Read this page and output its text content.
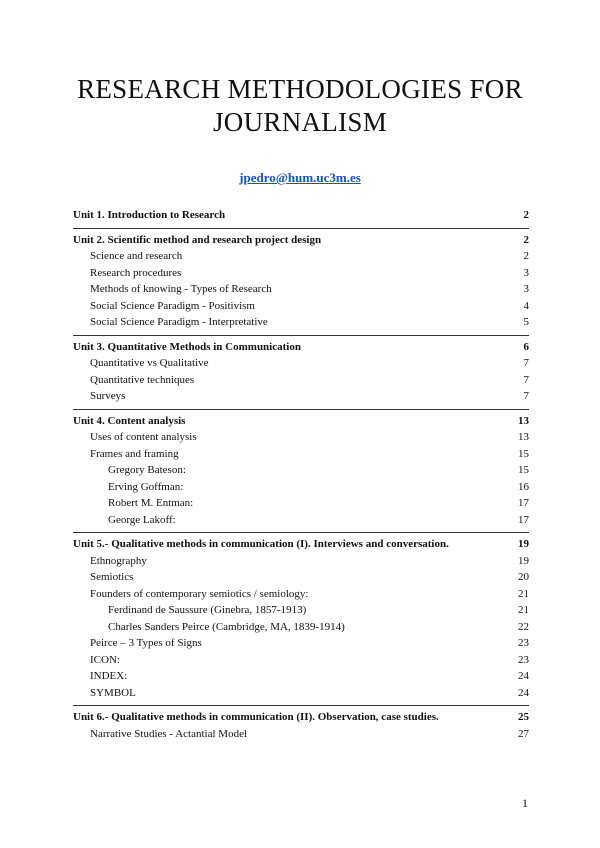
RESEARCH METHODOLOGIES FOR
JOURNALISM
jpedro@hum.uc3m.es
Unit 1. Introduction to Research	2
Unit 2. Scientific method and research project design	2
Science and research	2
Research procedures	3
Methods of knowing - Types of Research	3
Social Science Paradigm - Positivism	4
Social Science Paradigm - Interpretative	5
Unit 3. Quantitative Methods in Communication	6
Quantitative vs Qualitative	7
Quantitative techniques	7
Surveys	7
Unit 4. Content analysis	13
Uses of content analysis	13
Frames and framing	15
Gregory Bateson:	15
Erving Goffman:	16
Robert M. Entman:	17
George Lakoff:	17
Unit 5.- Qualitative methods in communication (I). Interviews and conversation.	19
Ethnography	19
Semiotics	20
Founders of contemporary semiotics / semiology:	21
Ferdinand de Saussure (Ginebra, 1857-1913)	21
Charles Sanders Peirce (Cambridge, MA, 1839-1914)	22
Peirce – 3 Types of Signs	23
ICON:	23
INDEX:	24
SYMBOL	24
Unit 6.- Qualitative methods in communication (II). Observation, case studies.	25
Narrative Studies - Actantial Model	27
1
